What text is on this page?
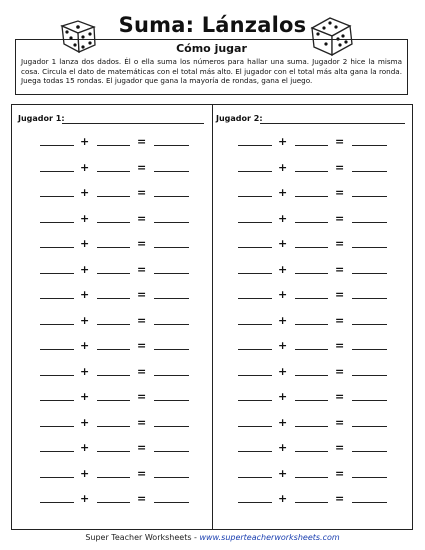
Suma: Lánzalos
Cómo jugar

Jugador 1 lanza dos dados. Él o ella suma los números para hallar una suma. Jugador 2 hice la misma cosa. Circula el dato de matemáticas con el total más alto. El jugador con el total más alta gana la ronda. Juega todas 15 rondas. El jugador que gana la mayoría de rondas, gana el juego.

Jugador 1:	Jugador 2:
+	=	+	=
+	=	+	=
+	=	+	=
+	=	+	=
+	=	+	=
+	=	+	=
+	=	+	=
+	=	+	=
+	=	+	=
+	=	+	=
+	=	+	=
+	=	+	=
+	=	+	=
+	=	+	=
+	=	+	=
Super Teacher Worksheets - www.superteacherworksheets.com
